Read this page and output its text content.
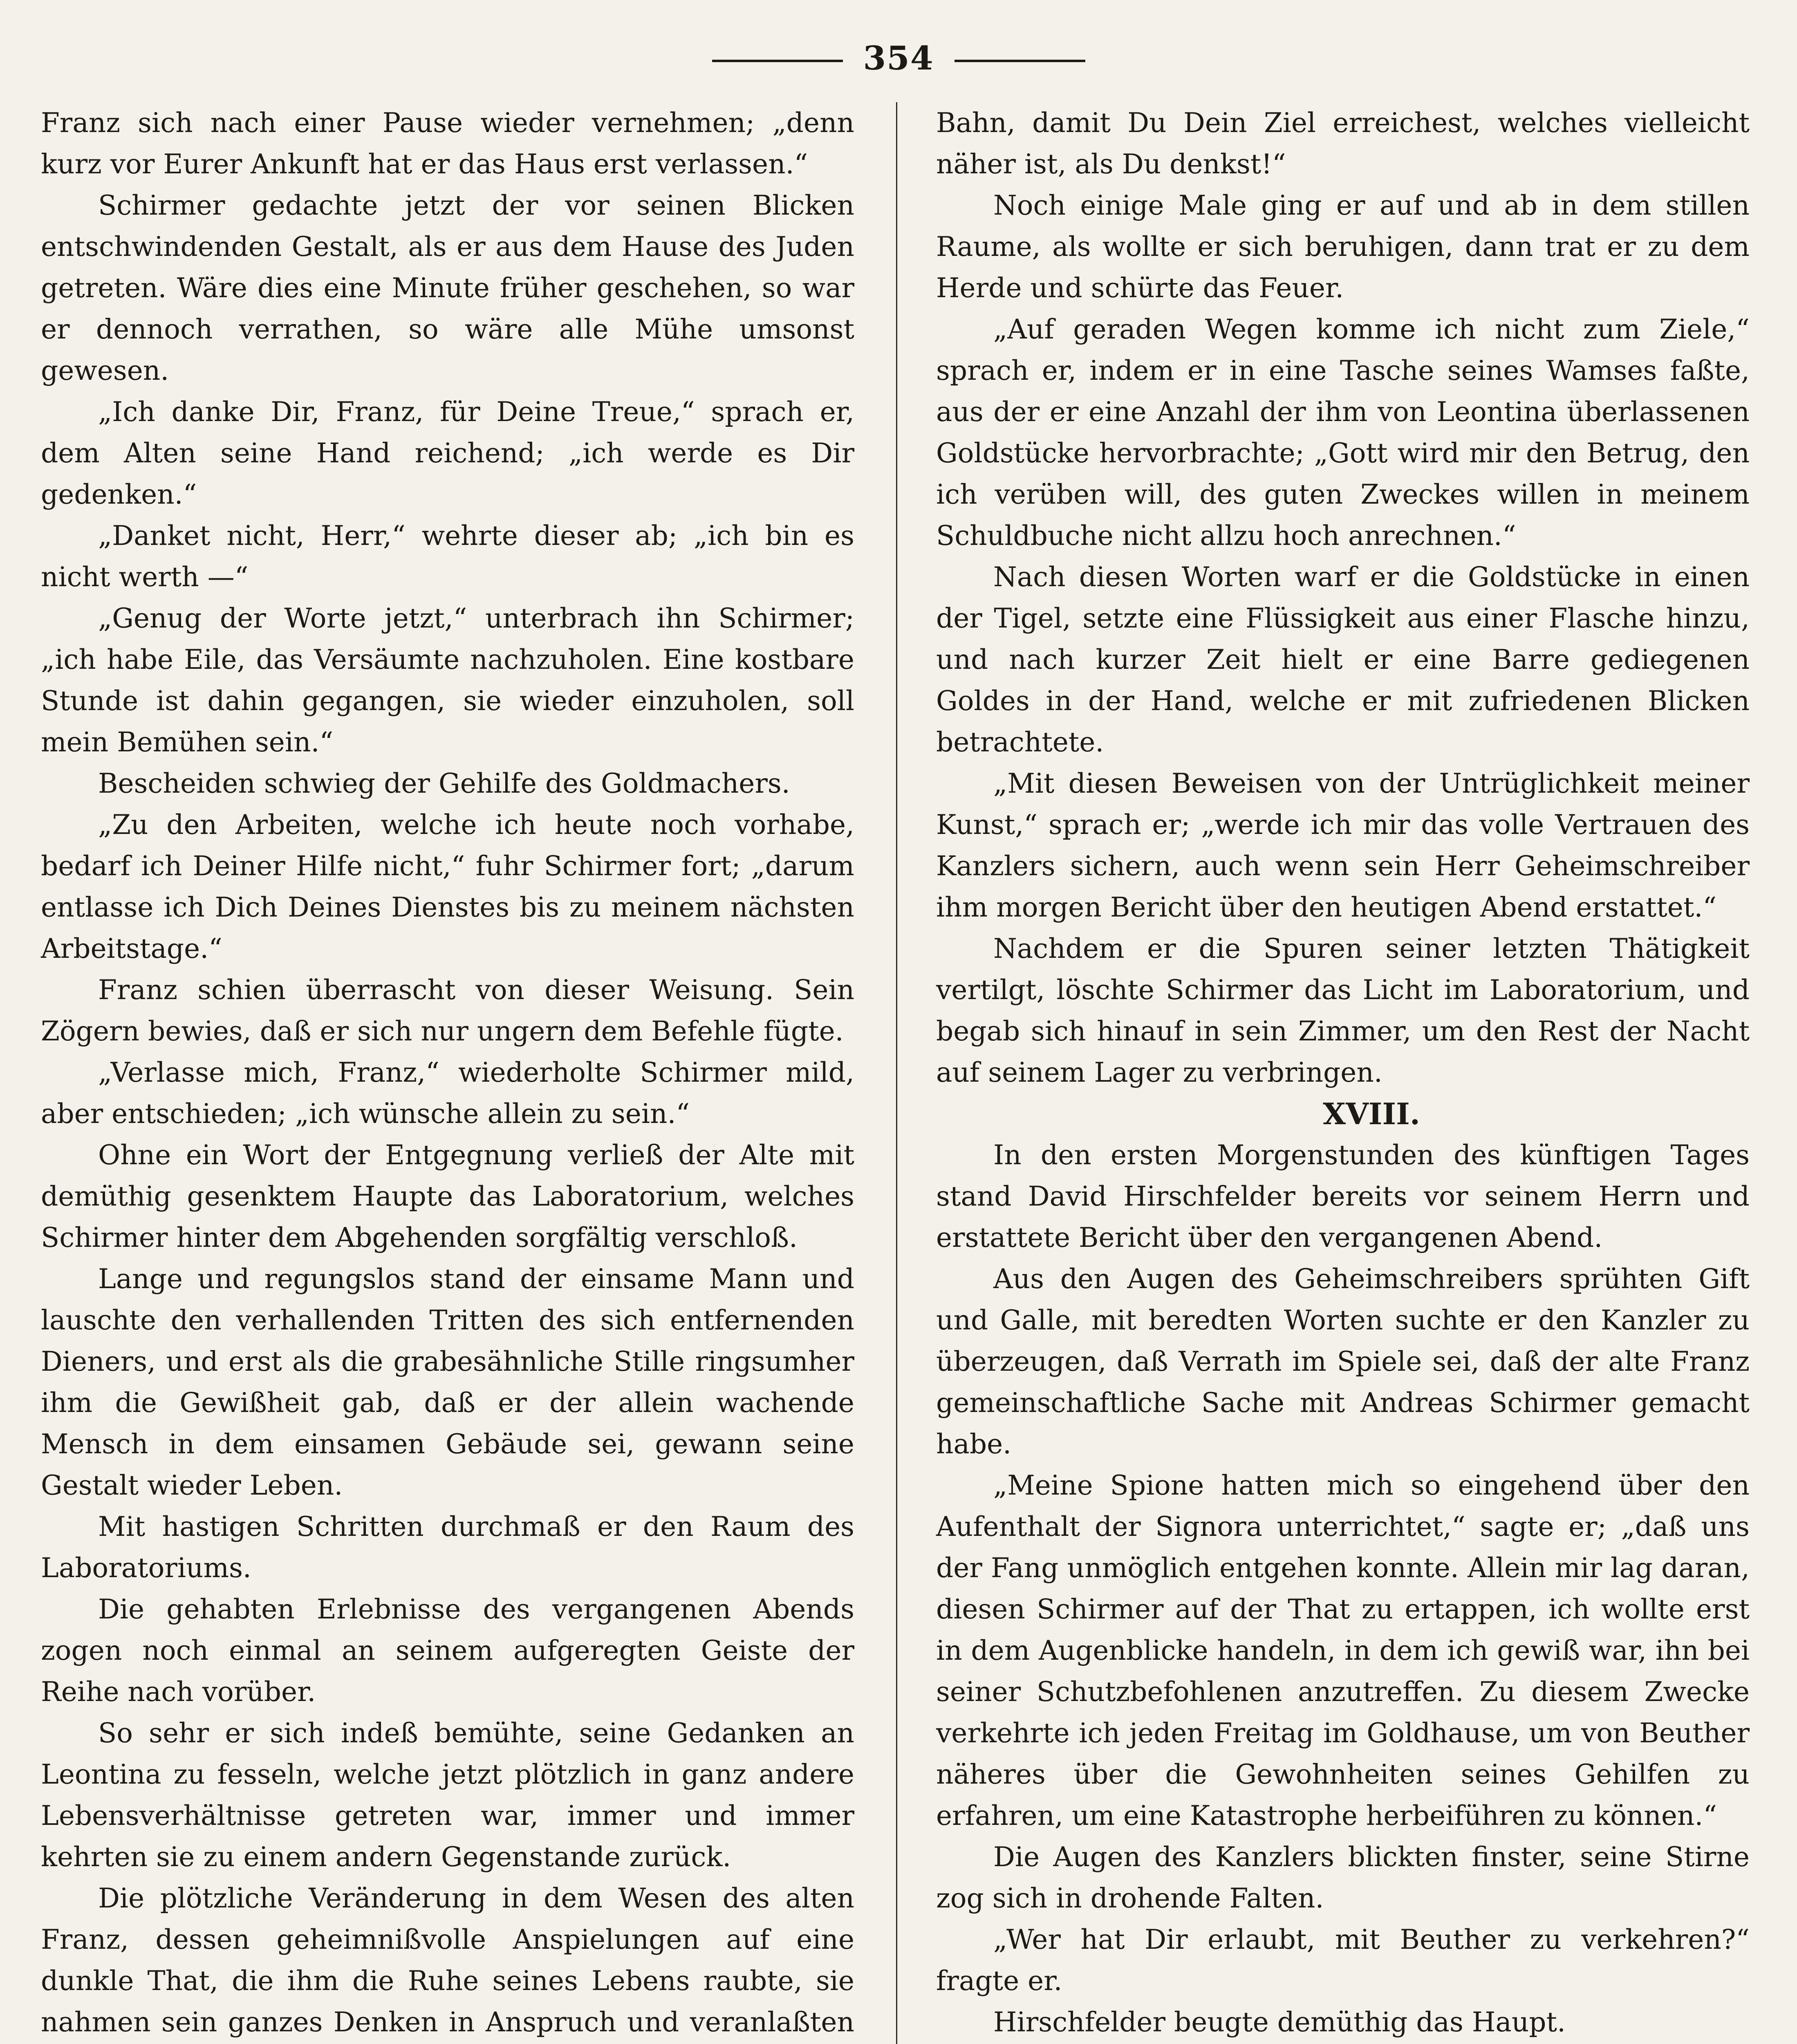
354

Franz sich nach einer Pause wieder vernehmen; „denn kurz vor Eurer Ankunft hat er das Haus erst verlassen.“

Schirmer gedachte jetzt der vor seinen Blicken entschwindenden Gestalt, als er aus dem Hause des Juden getreten. Wäre dies eine Minute früher geschehen, so war er dennoch verrathen, so wäre alle Mühe umsonst gewesen.

„Ich danke Dir, Franz, für Deine Treue,“ sprach er, dem Alten seine Hand reichend; „ich werde es Dir gedenken.“

„Danket nicht, Herr,“ wehrte dieser ab; „ich bin es nicht werth —“

„Genug der Worte jetzt,“ unterbrach ihn Schirmer; „ich habe Eile, das Versäumte nachzuholen. Eine kostbare Stunde ist dahin gegangen, sie wieder einzuholen, soll mein Bemühen sein.“

Bescheiden schwieg der Gehilfe des Goldmachers.

„Zu den Arbeiten, welche ich heute noch vorhabe, bedarf ich Deiner Hilfe nicht,“ fuhr Schirmer fort; „darum entlasse ich Dich Deines Dienstes bis zu meinem nächsten Arbeitstage.“

Franz schien überrascht von dieser Weisung. Sein Zögern bewies, daß er sich nur ungern dem Befehle fügte.

„Verlasse mich, Franz,“ wiederholte Schirmer mild, aber entschieden; „ich wünsche allein zu sein.“

Ohne ein Wort der Entgegnung verließ der Alte mit demüthig gesenktem Haupte das Laboratorium, welches Schirmer hinter dem Abgehenden sorgfältig verschloß.

Lange und regungslos stand der einsame Mann und lauschte den verhallenden Tritten des sich entfernenden Dieners, und erst als die grabesähnliche Stille ringsumher ihm die Gewißheit gab, daß er der allein wachende Mensch in dem einsamen Gebäude sei, gewann seine Gestalt wieder Leben.

Mit hastigen Schritten durchmaß er den Raum des Laboratoriums.

Die gehabten Erlebnisse des vergangenen Abends zogen noch einmal an seinem aufgeregten Geiste der Reihe nach vorüber.

So sehr er sich indeß bemühte, seine Gedanken an Leontina zu fesseln, welche jetzt plötzlich in ganz andere Lebensverhältnisse getreten war, immer und immer kehrten sie zu einem andern Gegenstande zurück.

Die plötzliche Veränderung in dem Wesen des alten Franz, dessen geheimnißvolle Anspielungen auf eine dunkle That, die ihm die Ruhe seines Lebens raubte, sie nahmen sein ganzes Denken in Anspruch und veranlaßten

Bahn, damit Du Dein Ziel erreichest, welches vielleicht näher ist, als Du denkst!“

Noch einige Male ging er auf und ab in dem stillen Raume, als wollte er sich beruhigen, dann trat er zu dem Herde und schürte das Feuer.

„Auf geraden Wegen komme ich nicht zum Ziele,“ sprach er, indem er in eine Tasche seines Wamses faßte, aus der er eine Anzahl der ihm von Leontina überlassenen Goldstücke hervorbrachte; „Gott wird mir den Betrug, den ich verüben will, des guten Zweckes willen in meinem Schuldbuche nicht allzu hoch anrechnen.“

Nach diesen Worten warf er die Goldstücke in einen der Tigel, setzte eine Flüssigkeit aus einer Flasche hinzu, und nach kurzer Zeit hielt er eine Barre gediegenen Goldes in der Hand, welche er mit zufriedenen Blicken betrachtete.

„Mit diesen Beweisen von der Untrüglichkeit meiner Kunst,“ sprach er; „werde ich mir das volle Vertrauen des Kanzlers sichern, auch wenn sein Herr Geheimschreiber ihm morgen Bericht über den heutigen Abend erstattet.“

Nachdem er die Spuren seiner letzten Thätigkeit vertilgt, löschte Schirmer das Licht im Laboratorium, und begab sich hinauf in sein Zimmer, um den Rest der Nacht auf seinem Lager zu verbringen.

XVIII.

In den ersten Morgenstunden des künftigen Tages stand David Hirschfelder bereits vor seinem Herrn und erstattete Bericht über den vergangenen Abend.

Aus den Augen des Geheimschreibers sprühten Gift und Galle, mit beredten Worten suchte er den Kanzler zu überzeugen, daß Verrath im Spiele sei, daß der alte Franz gemeinschaftliche Sache mit Andreas Schirmer gemacht habe.

„Meine Spione hatten mich so eingehend über den Aufenthalt der Signora unterrichtet,“ sagte er; „daß uns der Fang unmöglich entgehen konnte. Allein mir lag daran, diesen Schirmer auf der That zu ertappen, ich wollte erst in dem Augenblicke handeln, in dem ich gewiß war, ihn bei seiner Schutzbefohlenen anzutreffen. Zu diesem Zwecke verkehrte ich jeden Freitag im Goldhause, um von Beuther näheres über die Gewohnheiten seines Gehilfen zu erfahren, um eine Katastrophe herbeiführen zu können.“

Die Augen des Kanzlers blickten finster, seine Stirne zog sich in drohende Falten.

„Wer hat Dir erlaubt, mit Beuther zu verkehren?“ fragte er.

Hirschfelder beugte demüthig das Haupt.
